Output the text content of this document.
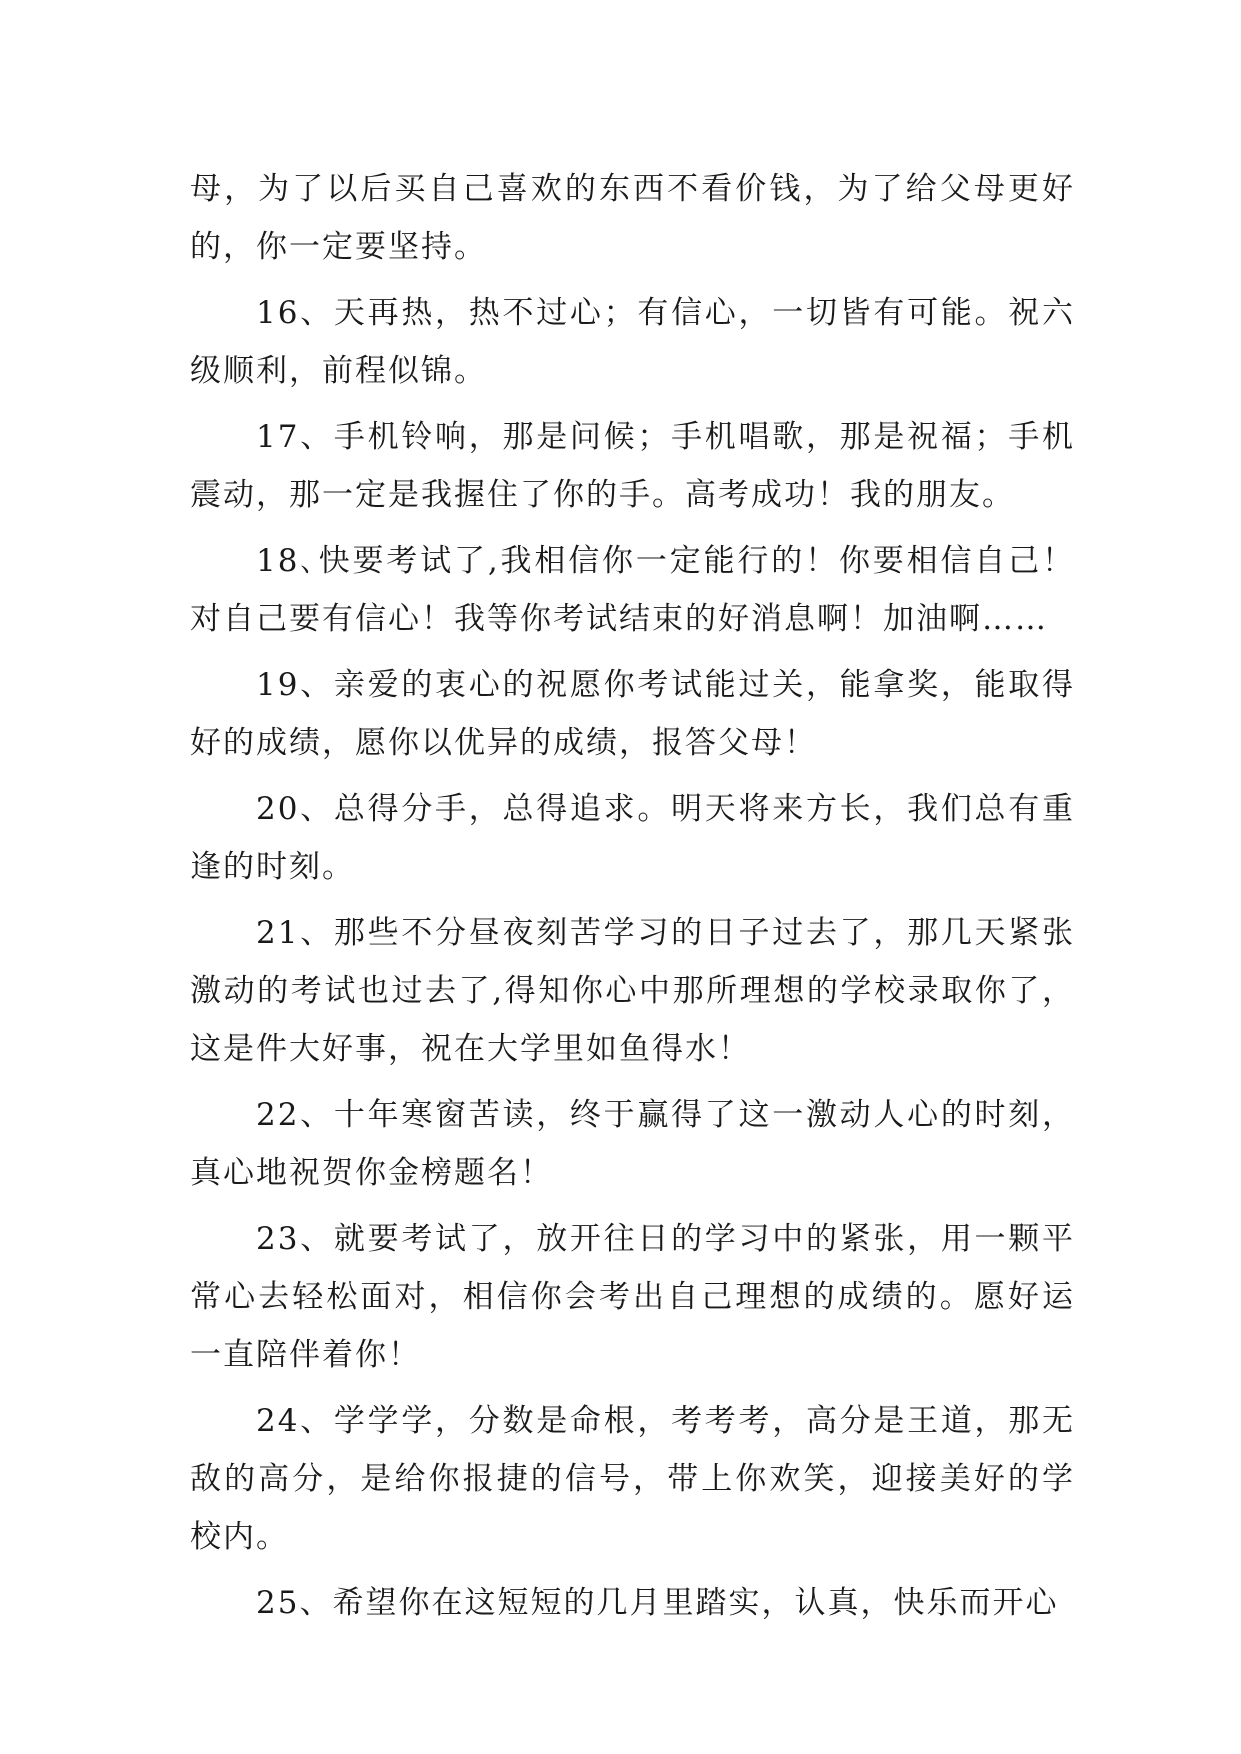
母，为了以后买自己喜欢的东西不看价钱，为了给父母更好的，你一定要坚持。

16、天再热，热不过心；有信心，一切皆有可能。祝六级顺利，前程似锦。

17、手机铃响，那是问候；手机唱歌，那是祝福；手机震动，那一定是我握住了你的手。高考成功！我的朋友。

18､快要考试了,我相信你一定能行的！你要相信自己！对自己要有信心！我等你考试结束的好消息啊！加油啊……

19、亲爱的衷心的祝愿你考试能过关，能拿奖，能取得好的成绩，愿你以优异的成绩，报答父母！

20、总得分手，总得追求。明天将来方长，我们总有重逢的时刻。

21、那些不分昼夜刻苦学习的日子过去了，那几天紧张激动的考试也过去了,得知你心中那所理想的学校录取你了，这是件大好事，祝在大学里如鱼得水！

22、十年寒窗苦读，终于赢得了这一激动人心的时刻，真心地祝贺你金榜题名！

23、就要考试了，放开往日的学习中的紧张，用一颗平常心去轻松面对，相信你会考出自己理想的成绩的。愿好运一直陪伴着你！

24、学学学，分数是命根，考考考，高分是王道，那无敌的高分，是给你报捷的信号，带上你欢笑，迎接美好的学校内。

25、希望你在这短短的几月里踏实，认真，快乐而开心
